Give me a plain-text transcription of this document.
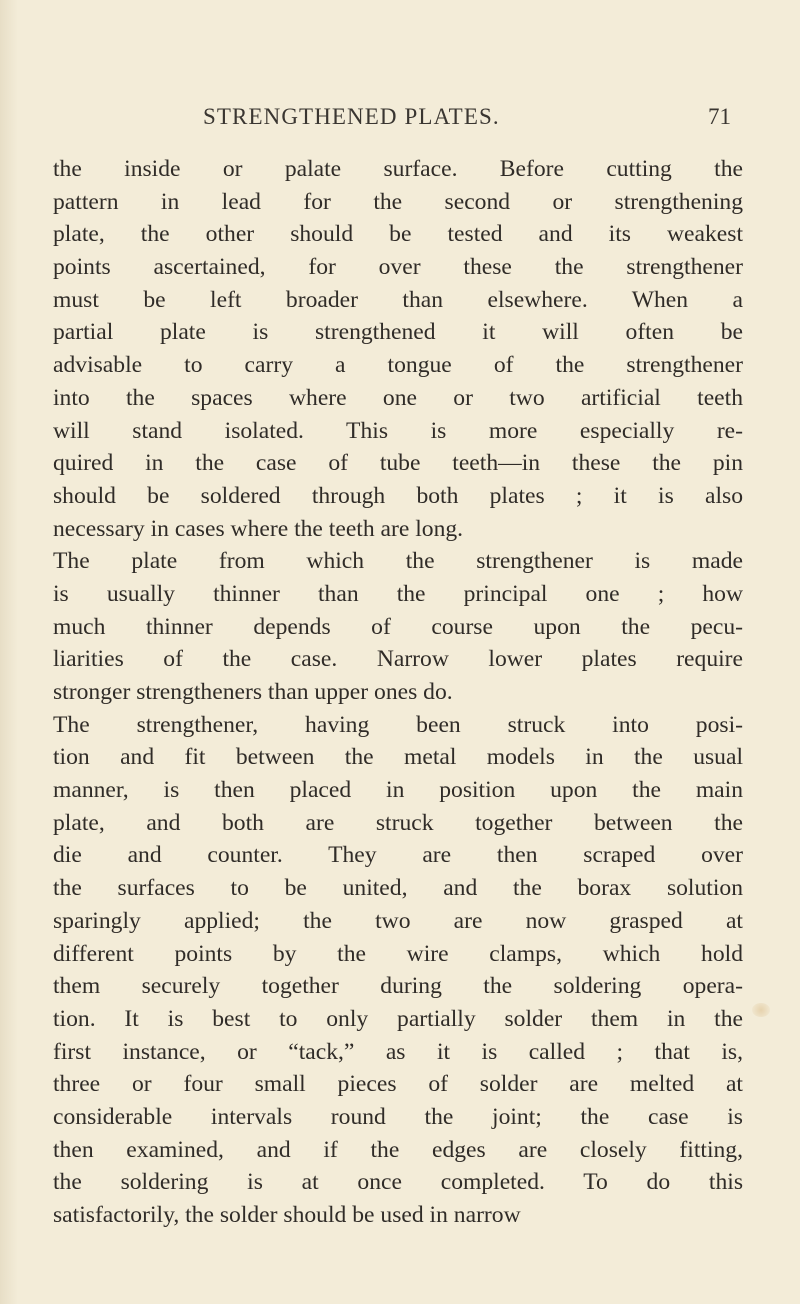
STRENGTHENED PLATES.	71
the inside or palate surface. Before cutting the
pattern in lead for the second or strengthening
plate, the other should be tested and its weakest
points ascertained, for over these the strengthener
must be left broader than elsewhere. When a
partial plate is strengthened it will often be
advisable to carry a tongue of the strengthener
into the spaces where one or two artificial teeth
will stand isolated. This is more especially re-
quired in the case of tube teeth—in these the pin
should be soldered through both plates ; it is also
necessary in cases where the teeth are long.
The plate from which the strengthener is made
is usually thinner than the principal one ; how
much thinner depends of course upon the pecu-
liarities of the case. Narrow lower plates require
stronger strengtheners than upper ones do.
The strengthener, having been struck into posi-
tion and fit between the metal models in the usual
manner, is then placed in position upon the main
plate, and both are struck together between the
die and counter. They are then scraped over
the surfaces to be united, and the borax solution
sparingly applied; the two are now grasped at
different points by the wire clamps, which hold
them securely together during the soldering opera-
tion. It is best to only partially solder them in the
first instance, or “tack,” as it is called ; that is,
three or four small pieces of solder are melted at
considerable intervals round the joint; the case is
then examined, and if the edges are closely fitting,
the soldering is at once completed. To do this
satisfactorily, the solder should be used in narrow
